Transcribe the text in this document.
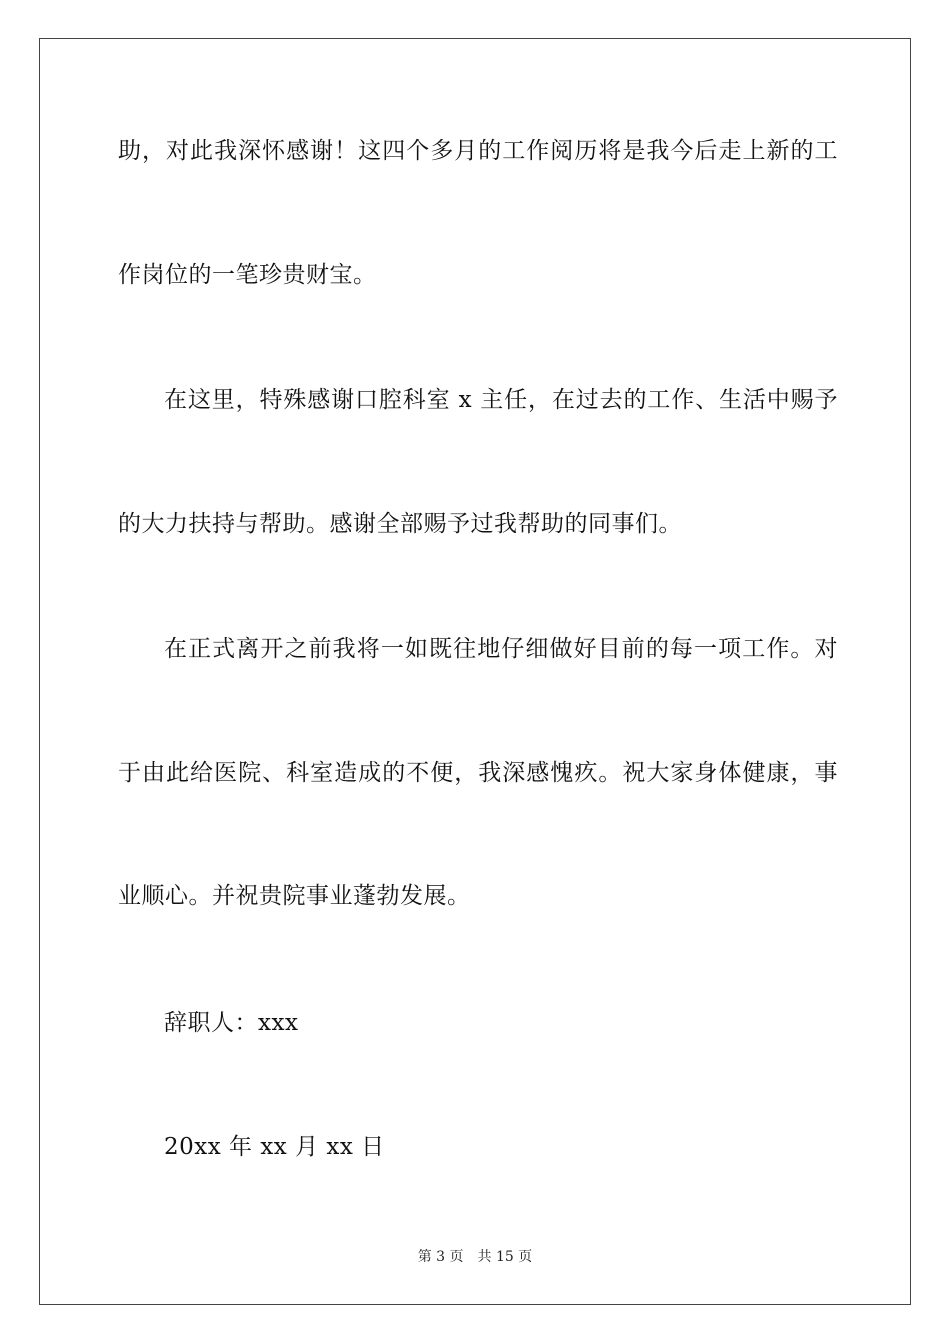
助，对此我深怀感谢！这四个多月的工作阅历将是我今后走上新的工
作岗位的一笔珍贵财宝。
在这里，特殊感谢口腔科室 x 主任，在过去的工作、生活中赐予
的大力扶持与帮助。感谢全部赐予过我帮助的同事们。
在正式离开之前我将一如既往地仔细做好目前的每一项工作。对
于由此给医院、科室造成的不便，我深感愧疚。祝大家身体健康，事
业顺心。并祝贵院事业蓬勃发展。
辞职人：xxx
20xx 年 xx 月 xx 日
第 3 页 共 15 页
